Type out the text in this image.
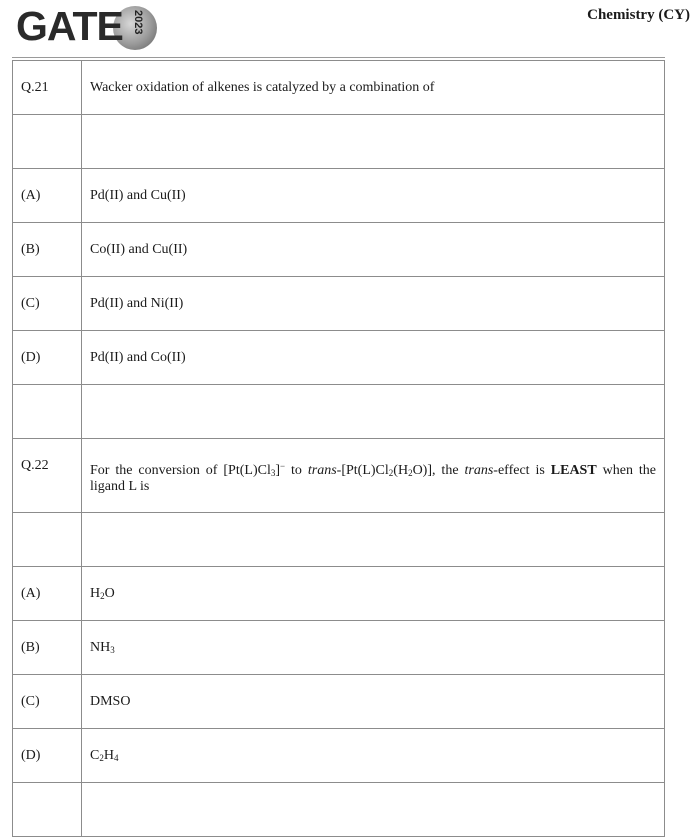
GATE 2023	Chemistry (CY)
Q.21	Wacker oxidation of alkenes is catalyzed by a combination of

(A)	Pd(II) and Cu(II)

(B)	Co(II) and Cu(II)

(C)	Pd(II) and Ni(II)

(D)	Pd(II) and Co(II)

Q.22	For the conversion of $[Pt(L)Cl_3]^-$ to trans-$[Pt(L)Cl_2(H_2O)]$, the trans-effect is LEAST when the ligand L is

(A)	$H_2O$

(B)	$NH_3$

(C)	DMSO

(D)	$C_2H_4$
